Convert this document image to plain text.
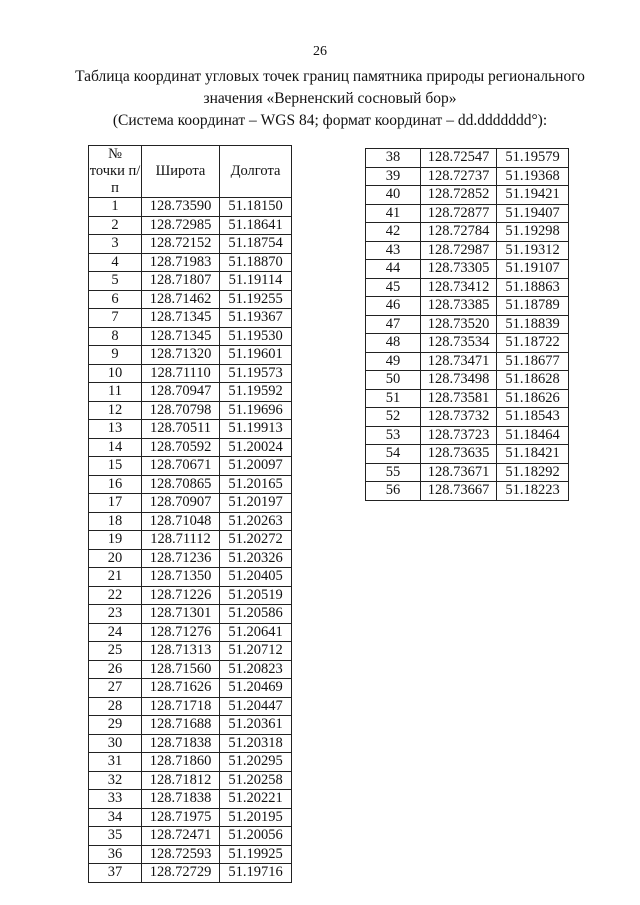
26
Таблица координат угловых точек границ памятника природы регионального
значения «Верненский сосновый бор»
(Система координат – WGS 84; формат координат – dd.ddddddd°):
№ точки п/п	Широта	Долгота
1	128.73590	51.18150
2	128.72985	51.18641
3	128.72152	51.18754
4	128.71983	51.18870
5	128.71807	51.19114
6	128.71462	51.19255
7	128.71345	51.19367
8	128.71345	51.19530
9	128.71320	51.19601
10	128.71110	51.19573
11	128.70947	51.19592
12	128.70798	51.19696
13	128.70511	51.19913
14	128.70592	51.20024
15	128.70671	51.20097
16	128.70865	51.20165
17	128.70907	51.20197
18	128.71048	51.20263
19	128.71112	51.20272
20	128.71236	51.20326
21	128.71350	51.20405
22	128.71226	51.20519
23	128.71301	51.20586
24	128.71276	51.20641
25	128.71313	51.20712
26	128.71560	51.20823
27	128.71626	51.20469
28	128.71718	51.20447
29	128.71688	51.20361
30	128.71838	51.20318
31	128.71860	51.20295
32	128.71812	51.20258
33	128.71838	51.20221
34	128.71975	51.20195
35	128.72471	51.20056
36	128.72593	51.19925
37	128.72729	51.19716
38	128.72547	51.19579
39	128.72737	51.19368
40	128.72852	51.19421
41	128.72877	51.19407
42	128.72784	51.19298
43	128.72987	51.19312
44	128.73305	51.19107
45	128.73412	51.18863
46	128.73385	51.18789
47	128.73520	51.18839
48	128.73534	51.18722
49	128.73471	51.18677
50	128.73498	51.18628
51	128.73581	51.18626
52	128.73732	51.18543
53	128.73723	51.18464
54	128.73635	51.18421
55	128.73671	51.18292
56	128.73667	51.18223
